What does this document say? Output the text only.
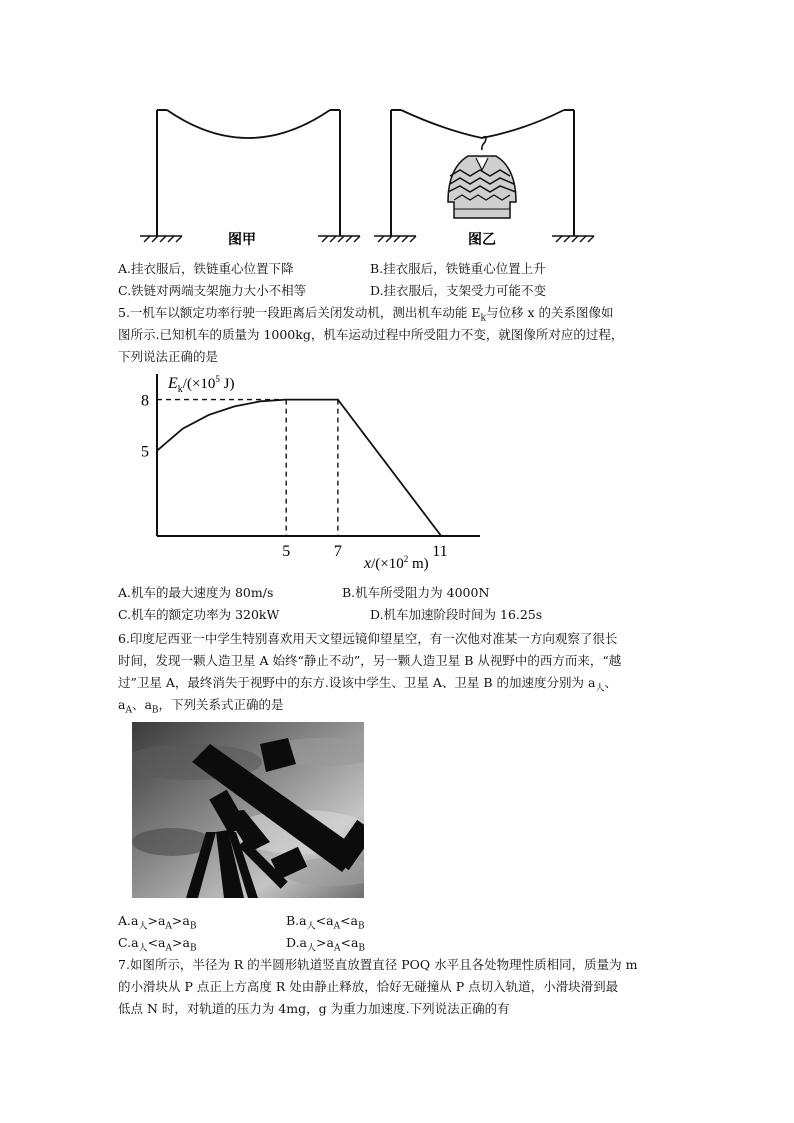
图甲	图乙
A.挂衣服后，铁链重心位置下降	B.挂衣服后，铁链重心位置上升
C.铁链对两端支架施力大小不相等	D.挂衣服后，支架受力可能不变
5.一机车以额定功率行驶一段距离后关闭发动机，测出机车动能 $E_k$与位移 x 的关系图像如
图所示.已知机车的质量为 1000kg，机车运动过程中所受阻力不变，就图像所对应的过程，
下列说法正确的是
$E_k/(\times 10^5$ J)
$x/(\times 10^2$ m)
8
5
5	7	11
A.机车的最大速度为 80m/s	B.机车所受阻力为 4000N
C.机车的额定功率为 320kW	D.机车加速阶段时间为 16.25s
6.印度尼西亚一中学生特别喜欢用天文望远镜仰望星空，有一次他对准某一方向观察了很长
时间，发现一颗人造卫星 A 始终“静止不动”，另一颗人造卫星 B 从视野中的西方而来，“越
过”卫星 A，最终消失于视野中的东方.设该中学生、卫星 A、卫星 B 的加速度分别为 $a_人$、
$a_A$、$a_B$，下列关系式正确的是
$A.a_人>a_A>a_B$	$B.a_人<a_A<a_B$
$C.a_人<a_A>a_B$	$D.a_人>a_A<a_B$
7.如图所示，半径为 R 的半圆形轨道竖直放置直径 POQ 水平且各处物理性质相同，质量为 m
的小滑块从 P 点正上方高度 R 处由静止释放，恰好无碰撞从 P 点切入轨道，小滑块滑到最
低点 N 时，对轨道的压力为 4mg，g 为重力加速度.下列说法正确的有
